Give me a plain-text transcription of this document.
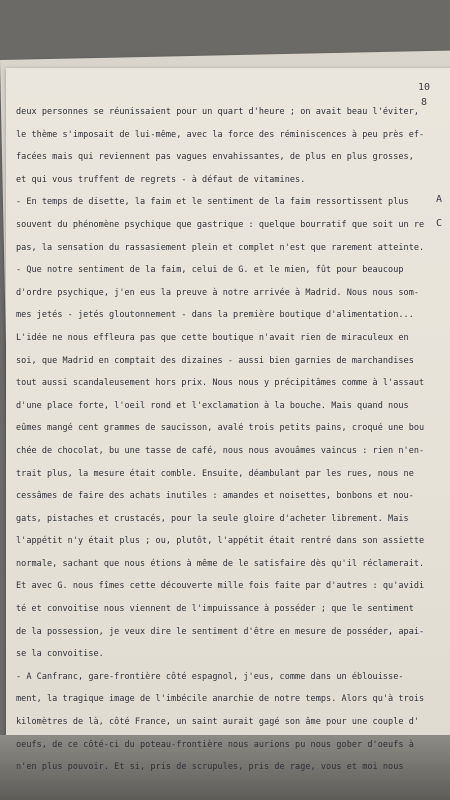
10
8
A
C
deux personnes se réunissaient pour un quart d'heure ; on avait beau l'éviter,
le thème s'imposait de lui-même, avec la force des réminiscences à peu près ef-
facées mais qui reviennent pas vagues envahissantes, de plus en plus grosses,
et qui vous truffent de regrets - à défaut de vitamines.
- En temps de disette, la faim et le sentiment de la faim ressortissent plus
souvent du phénomène psychique que gastrique : quelque bourratif que soit un re
pas, la sensation du rassasiement plein et complet n'est que rarement atteinte.
- Que notre sentiment de la faim, celui de G. et le mien, fût pour beaucoup
d'ordre psychique, j'en eus la preuve à notre arrivée à Madrid. Nous nous som-
mes jetés - jetés gloutonnement - dans la première boutique d'alimentation...
L'idée ne nous effleura pas que cette boutique n'avait rien de miraculeux en
soi, que Madrid en comptait des dizaines - aussi bien garnies de marchandises
tout aussi scandaleusement hors prix. Nous nous y précipitâmes comme à l'assaut
d'une place forte, l'oeil rond et l'exclamation à la bouche. Mais quand nous
eûmes mangé cent grammes de saucisson, avalé trois petits pains, croqué une bou
chée de chocolat, bu une tasse de café, nous nous avouâmes vaincus : rien n'en-
trait plus, la mesure était comble. Ensuite, déambulant par les rues, nous ne
cessâmes de faire des achats inutiles : amandes et noisettes, bonbons et nou-
gats, pistaches et crustacés, pour la seule gloire d'acheter librement. Mais
l'appétit n'y était plus ; ou, plutôt, l'appétit était rentré dans son assiette
normale, sachant que nous étions à même de le satisfaire dès qu'il réclamerait.
Et avec G. nous fîmes cette découverte mille fois faite par d'autres : qu'avidi
té et convoitise nous viennent de l'impuissance à posséder ; que le sentiment
de la possession, je veux dire le sentiment d'être en mesure de posséder, apai-
se la convoitise.
- A Canfranc, gare-frontière côté espagnol, j'eus, comme dans un éblouisse-
ment, la tragique image de l'imbécile anarchie de notre temps. Alors qu'à trois
kilomètres de là, côté France, un saint aurait gagé son âme pour une couple d'
oeufs, de ce côté-ci du poteau-frontière nous aurions pu nous gober d'oeufs à
n'en plus pouvoir. Et si, pris de scrupules, pris de rage, vous et moi nous
